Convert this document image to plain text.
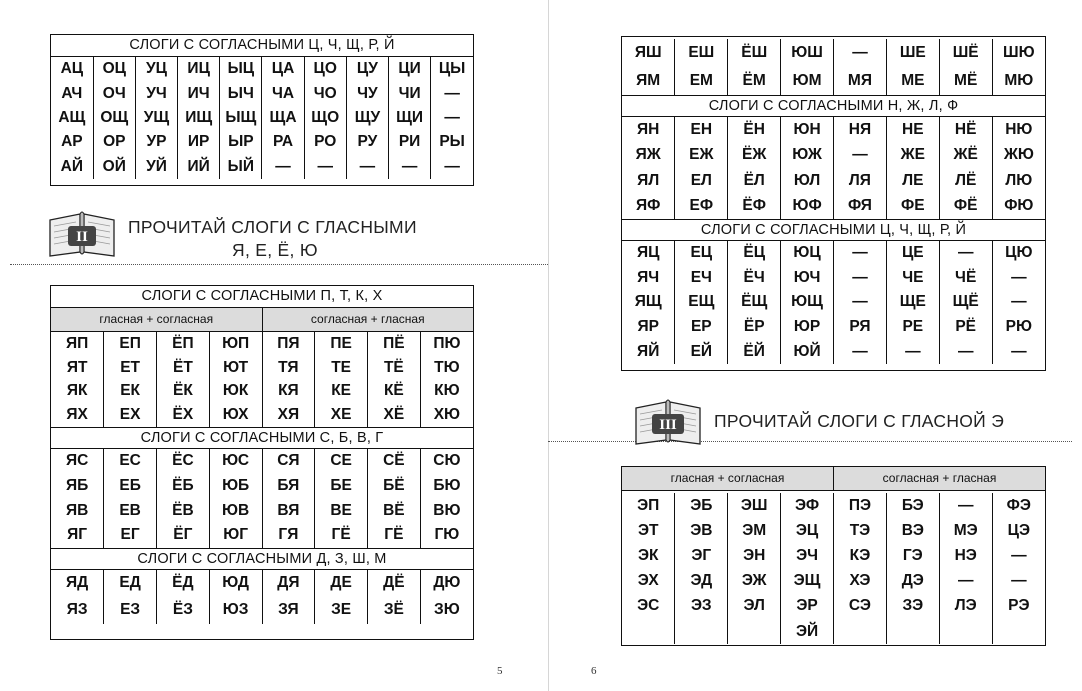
СЛОГИ С СОГЛАСНЫМИ Ц, Ч, Щ, Р, Й
АЦ	ОЦ	УЦ	ИЦ	ЫЦ	ЦА	ЦО	ЦУ	ЦИ	ЦЫ
АЧ	ОЧ	УЧ	ИЧ	ЫЧ	ЧА	ЧО	ЧУ	ЧИ	—
АЩ	ОЩ	УЩ	ИЩ	ЫЩ	ЩА	ЩО	ЩУ	ЩИ	—
АР	ОР	УР	ИР	ЫР	РА	РО	РУ	РИ	РЫ
АЙ	ОЙ	УЙ	ИЙ	ЫЙ	—	—	—	—	—
II ПРОЧИТАЙ СЛОГИ С ГЛАСНЫМИ
Я, Е, Ё, Ю
СЛОГИ С СОГЛАСНЫМИ П, Т, К, Х
гласная + согласная	согласная + гласная
ЯП	ЕП	ЁП	ЮП	ПЯ	ПЕ	ПЁ	ПЮ
ЯТ	ЕТ	ЁТ	ЮТ	ТЯ	ТЕ	ТЁ	ТЮ
ЯК	ЕК	ЁК	ЮК	КЯ	КЕ	КЁ	КЮ
ЯХ	ЕХ	ЁХ	ЮХ	ХЯ	ХЕ	ХЁ	ХЮ
СЛОГИ С СОГЛАСНЫМИ С, Б, В, Г
ЯС	ЕС	ЁС	ЮС	СЯ	СЕ	СЁ	СЮ
ЯБ	ЕБ	ЁБ	ЮБ	БЯ	БЕ	БЁ	БЮ
ЯВ	ЕВ	ЁВ	ЮВ	ВЯ	ВЕ	ВЁ	ВЮ
ЯГ	ЕГ	ЁГ	ЮГ	ГЯ	ГЁ	ГЁ	ГЮ
СЛОГИ С СОГЛАСНЫМИ Д, З, Ш, М
ЯД	ЕД	ЁД	ЮД	ДЯ	ДЕ	ДЁ	ДЮ
ЯЗ	ЕЗ	ЁЗ	ЮЗ	ЗЯ	ЗЕ	ЗЁ	ЗЮ
5
ЯШ	ЕШ	ЁШ	ЮШ	—	ШЕ	ШЁ	ШЮ
ЯМ	ЕМ	ЁМ	ЮМ	МЯ	МЕ	МЁ	МЮ
СЛОГИ С СОГЛАСНЫМИ Н, Ж, Л, Ф
ЯН	ЕН	ЁН	ЮН	НЯ	НЕ	НЁ	НЮ
ЯЖ	ЕЖ	ЁЖ	ЮЖ	—	ЖЕ	ЖЁ	ЖЮ
ЯЛ	ЕЛ	ЁЛ	ЮЛ	ЛЯ	ЛЕ	ЛЁ	ЛЮ
ЯФ	ЕФ	ЁФ	ЮФ	ФЯ	ФЕ	ФЁ	ФЮ
СЛОГИ С СОГЛАСНЫМИ Ц, Ч, Щ, Р, Й
ЯЦ	ЕЦ	ЁЦ	ЮЦ	—	ЦЕ	—	ЦЮ
ЯЧ	ЕЧ	ЁЧ	ЮЧ	—	ЧЕ	ЧЁ	—
ЯЩ	ЕЩ	ЁЩ	ЮЩ	—	ЩЕ	ЩЁ	—
ЯР	ЕР	ЁР	ЮР	РЯ	РЕ	РЁ	РЮ
ЯЙ	ЕЙ	ЁЙ	ЮЙ	—	—	—	—
III ПРОЧИТАЙ СЛОГИ С ГЛАСНОЙ Э
гласная + согласная	согласная + гласная
ЭП	ЭБ	ЭШ	ЭФ	ПЭ	БЭ	—	ФЭ
ЭТ	ЭВ	ЭМ	ЭЦ	ТЭ	ВЭ	МЭ	ЦЭ
ЭК	ЭГ	ЭН	ЭЧ	КЭ	ГЭ	НЭ	—
ЭХ	ЭД	ЭЖ	ЭЩ	ХЭ	ДЭ	—	—
ЭС	ЭЗ	ЭЛ	ЭР	СЭ	ЗЭ	ЛЭ	РЭ
			ЭЙ				
6
